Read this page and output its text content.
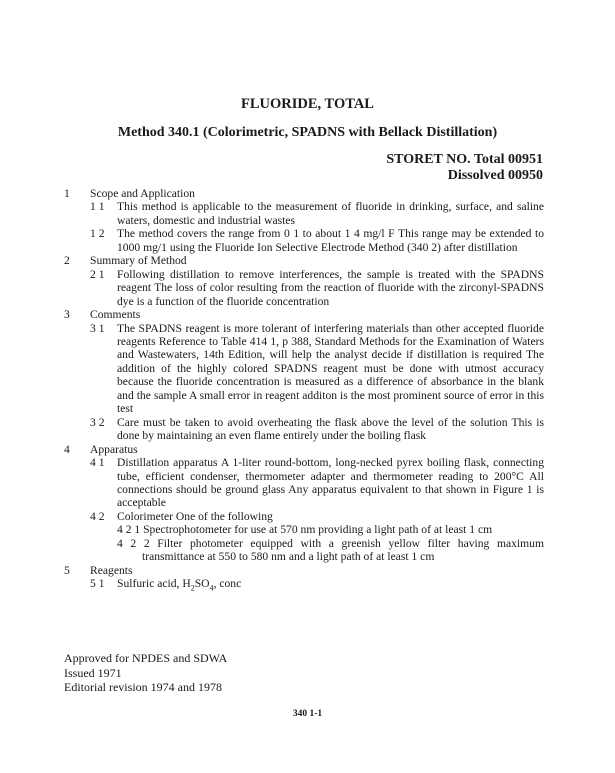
FLUORIDE, TOTAL
Method 340.1 (Colorimetric, SPADNS with Bellack Distillation)
STORET NO. Total 00951
Dissolved 00950
1	Scope and Application
1 1	This method is applicable to the measurement of fluoride in drinking, surface, and saline waters, domestic and industrial wastes
1 2	The method covers the range from 0 1 to about 1 4 mg/l F This range may be extended to 1000 mg/1 using the Fluoride Ion Selective Electrode Method (340 2) after distillation
2	Summary of Method
2 1	Following distillation to remove interferences, the sample is treated with the SPADNS reagent The loss of color resulting from the reaction of fluoride with the zirconyl-SPADNS dye is a function of the fluoride concentration
3	Comments
3 1	The SPADNS reagent is more tolerant of interfering materials than other accepted fluoride reagents Reference to Table 414 1, p 388, Standard Methods for the Examination of Waters and Wastewaters, 14th Edition, will help the analyst decide if distillation is required The addition of the highly colored SPADNS reagent must be done with utmost accuracy because the fluoride concentration is measured as a difference of absorbance in the blank and the sample A small error in reagent additon is the most prominent source of error in this test
3 2	Care must be taken to avoid overheating the flask above the level of the solution This is done by maintaining an even flame entirely under the boiling flask
4	Apparatus
4 1	Distillation apparatus A 1-liter round-bottom, long-necked pyrex boiling flask, connecting tube, efficient condenser, thermometer adapter and thermometer reading to 200°C All connections should be ground glass Any apparatus equivalent to that shown in Figure 1 is acceptable
4 2	Colorimeter One of the following
4 2 1 Spectrophotometer for use at 570 nm providing a light path of at least 1 cm
4 2 2 Filter photometer equipped with a greenish yellow filter having maximum transmittance at 550 to 580 nm and a light path of at least 1 cm
5	Reagents
5 1	Sulfuric acid, $H_2SO_4$, conc
Approved for NPDES and SDWA
Issued 1971
Editorial revision 1974 and 1978
340 1-1
